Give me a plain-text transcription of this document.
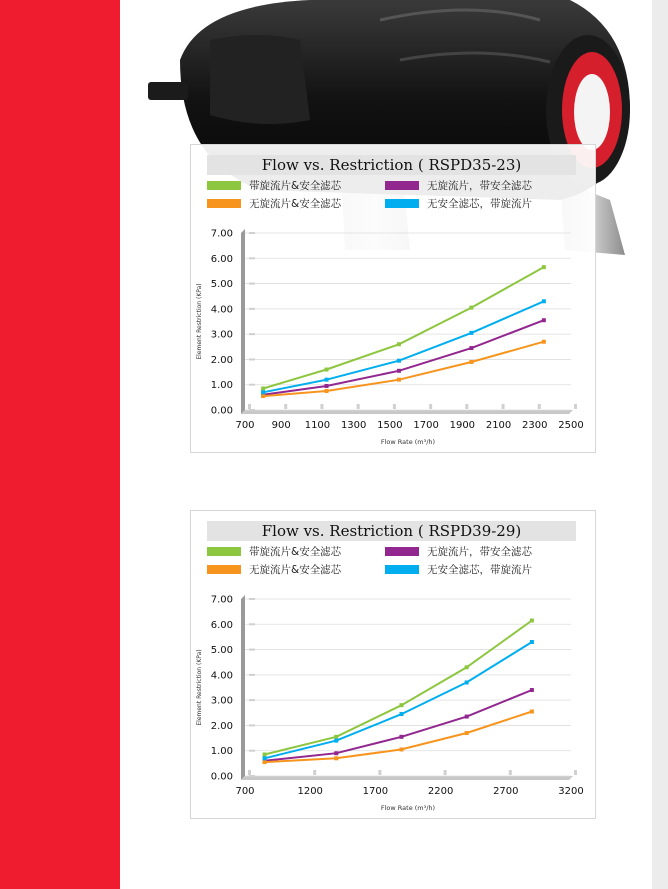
Flow vs. Restriction ( RSPD35-23)
带旋流片&安全滤芯	无旋流片，带安全滤芯
无旋流片&安全滤芯	无安全滤芯，带旋流片
0.00
1.00
2.00
3.00
4.00
5.00
6.00
7.00
700 900 1100 1300 1500 1700 1900 2100 2300 2500
Flow Rate (m³/h)
Element Restriction (KPa)
Flow vs. Restriction ( RSPD39-29)
带旋流片&安全滤芯	无旋流片，带安全滤芯
无旋流片&安全滤芯	无安全滤芯，带旋流片
0.00
1.00
2.00
3.00
4.00
5.00
6.00
7.00
700	1200	1700	2200	2700	3200
Flow Rate (m³/h)
Element Restriction (KPa)
